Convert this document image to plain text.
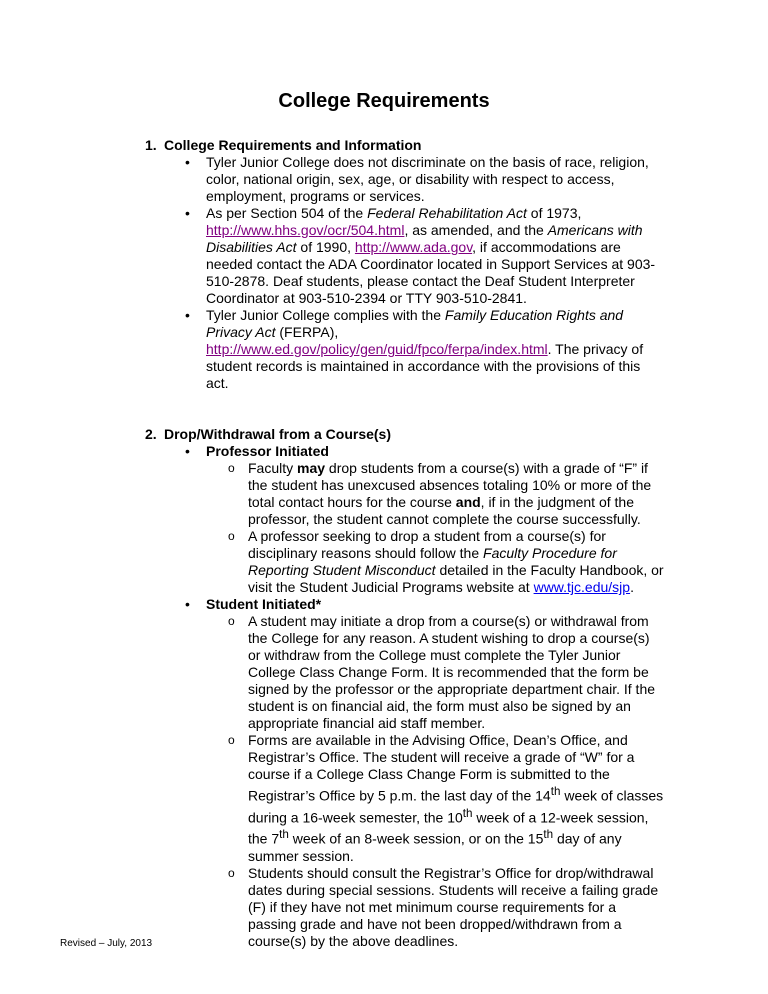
College Requirements
1. College Requirements and Information
• Tyler Junior College does not discriminate on the basis of race, religion, color, national origin, sex, age, or disability with respect to access, employment, programs or services.
• As per Section 504 of the Federal Rehabilitation Act of 1973, http://www.hhs.gov/ocr/504.html, as amended, and the Americans with Disabilities Act of 1990, http://www.ada.gov, if accommodations are needed contact the ADA Coordinator located in Support Services at 903-510-2878. Deaf students, please contact the Deaf Student Interpreter Coordinator at 903-510-2394 or TTY 903-510-2841.
• Tyler Junior College complies with the Family Education Rights and Privacy Act (FERPA), http://www.ed.gov/policy/gen/guid/fpco/ferpa/index.html. The privacy of student records is maintained in accordance with the provisions of this act.
2. Drop/Withdrawal from a Course(s)
• Professor Initiated
o Faculty may drop students from a course(s) with a grade of “F” if the student has unexcused absences totaling 10% or more of the total contact hours for the course and, if in the judgment of the professor, the student cannot complete the course successfully.
o A professor seeking to drop a student from a course(s) for disciplinary reasons should follow the Faculty Procedure for Reporting Student Misconduct detailed in the Faculty Handbook, or visit the Student Judicial Programs website at www.tjc.edu/sjp.
• Student Initiated*
o A student may initiate a drop from a course(s) or withdrawal from the College for any reason. A student wishing to drop a course(s) or withdraw from the College must complete the Tyler Junior College Class Change Form. It is recommended that the form be signed by the professor or the appropriate department chair. If the student is on financial aid, the form must also be signed by an appropriate financial aid staff member.
o Forms are available in the Advising Office, Dean’s Office, and Registrar’s Office. The student will receive a grade of “W” for a course if a College Class Change Form is submitted to the Registrar’s Office by 5 p.m. the last day of the 14th week of classes during a 16-week semester, the 10th week of a 12-week session, the 7th week of an 8-week session, or on the 15th day of any summer session.
o Students should consult the Registrar’s Office for drop/withdrawal dates during special sessions. Students will receive a failing grade (F) if they have not met minimum course requirements for a passing grade and have not been dropped/withdrawn from a course(s) by the above deadlines.
Revised – July, 2013
